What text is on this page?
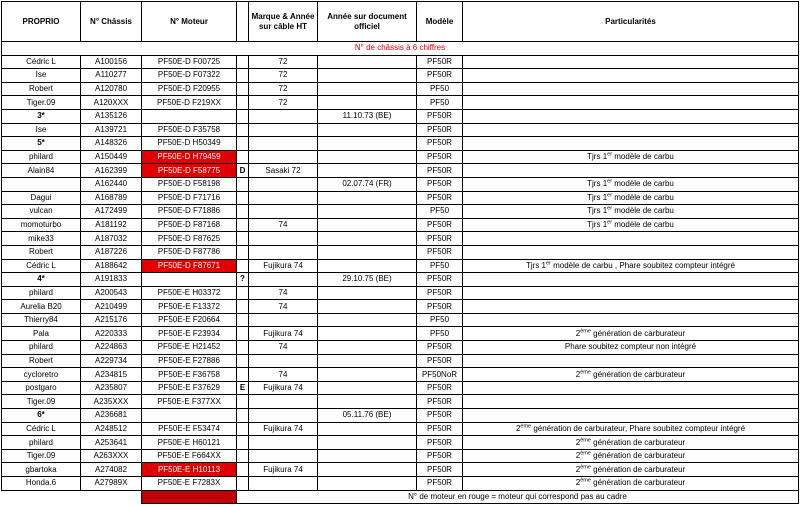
PROPRIO	N° Châssis	N° Moteur		Marque & Année sur câble HT	Année sur document officiel	Modèle	Particularités
N° de châssis à 6 chiffres							
Cédric L	A100156	PF50E-D F00725		72		PF50R	
Ise	A110277	PF50E-D F07322		72		PF50R	
Robert	A120780	PF50E-D F20955		72		PF50	
Tiger.09	A120XXX	PF50E-D F219XX		72		PF50	
3*	A135126				11.10.73 (BE)	PF50R	
Ise	A139721	PF50E-D F35758				PF50R	
5*	A148326	PF50E-D H50349				PF50R	
philard	A150449	PF50E-D H79459				PF50R	Tjrs 1er modèle de carbu
Alain84	A162399	PF50E-D F58775	D	Sasaki 72		PF50R	
	A162440	PF50E-D F58198			02.07.74 (FR)	PF50R	Tjrs 1er modèle de carbu
Dagui	A168789	PF50E-D F71716				PF50R	Tjrs 1er modèle de carbu
vulcan	A172499	PF50E-D F71886				PF50	Tjrs 1er modèle de carbu
momoturbo	A181192	PF50E-D F87168		74		PF50R	Tjrs 1er modèle de carbu
mike33	A187032	PF50E-D F87625				PF50R	
Robert	A187226	PF50E-D F87786				PF50R	
Cédric L	A188642	PF50E-D F87671		Fujikura 74		PF50	Tjrs 1er modèle de carbu , Phare soubitez compteur intégré
4*	A191833		?		29.10.75 (BE)	PF50R	
philard	A200543	PF50E-E H03372		74		PF50R	
Aurelia B20	A210499	PF50E-E F13372		74		PF50R	
Thierry84	A215176	PF50E-E F20664				PF50	
Pala	A220333	PF50E-E F23934		Fujikura 74		PF50	2ème génération de carburateur
philard	A224863	PF50E-E H21452		74		PF50R	Phare soubitez compteur non intégré
Robert	A229734	PF50E-E F27886				PF50R	
cycloretro	A234815	PF50E-E F36758		74		PF50NoR	2ème génération de carburateur
postgaro	A235807	PF50E-E F37629	E	Fujikura 74		PF50R	
Tiger.09	A235XXX	PF50E-E F377XX				PF50R	
6*	A236681				05.11.76 (BE)	PF50R	
Cédric L	A248512	PF50E-E F53474		Fujikura 74		PF50R	2ème génération de carburateur, Phare soubitez compteur intégré
philard	A253641	PF50E-E H60121				PF50R	2ème génération de carburateur
Tiger.09	A263XXX	PF50E-E F664XX				PF50R	2ème génération de carburateur
gbartoka	A274082	PF50E-E H10113		Fujikura 74		PF50R	2ème génération de carburateur
Honda.6	A27989X	PF50E-E F7283X				PF50R	2ème génération de carburateur
			N° de moteur en rouge = moteur qui correspond pas au cadre				
